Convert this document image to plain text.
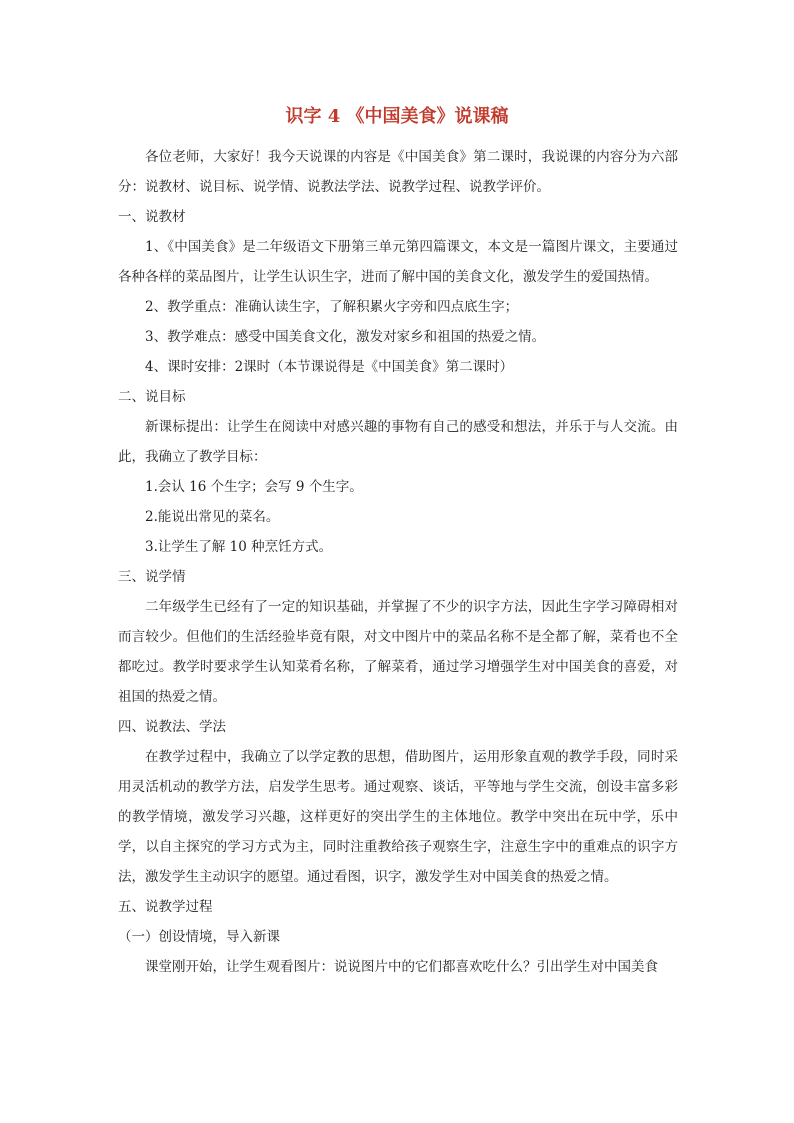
识字 4 《中国美食》说课稿

各位老师，大家好！我今天说课的内容是《中国美食》第二课时，我说课的内容分为六部分：说教材、说目标、说学情、说教法学法、说教学过程、说教学评价。

一、说教材

1、《中国美食》是二年级语文下册第三单元第四篇课文，本文是一篇图片课文，主要通过各种各样的菜品图片，让学生认识生字，进而了解中国的美食文化，激发学生的爱国热情。

2、教学重点：准确认读生字，了解积累火字旁和四点底生字；

3、教学难点：感受中国美食文化，激发对家乡和祖国的热爱之情。

4、课时安排：2课时（本节课说得是《中国美食》第二课时）

二、说目标

新课标提出：让学生在阅读中对感兴趣的事物有自己的感受和想法，并乐于与人交流。由此，我确立了教学目标：

1.会认 16 个生字；会写 9 个生字。

2.能说出常见的菜名。

3.让学生了解 10 种烹饪方式。

三、说学情

二年级学生已经有了一定的知识基础，并掌握了不少的识字方法，因此生字学习障碍相对而言较少。但他们的生活经验毕竟有限，对文中图片中的菜品名称不是全都了解，菜肴也不全都吃过。教学时要求学生认知菜肴名称，了解菜肴，通过学习增强学生对中国美食的喜爱，对祖国的热爱之情。

四、说教法、学法

在教学过程中，我确立了以学定教的思想，借助图片，运用形象直观的教学手段，同时采用灵活机动的教学方法，启发学生思考。通过观察、谈话，平等地与学生交流，创设丰富多彩的教学情境，激发学习兴趣，这样更好的突出学生的主体地位。教学中突出在玩中学，乐中学，以自主探究的学习方式为主，同时注重教给孩子观察生字，注意生字中的重难点的识字方法，激发学生主动识字的愿望。通过看图，识字，激发学生对中国美食的热爱之情。

五、说教学过程

（一）创设情境，导入新课

课堂刚开始，让学生观看图片：说说图片中的它们都喜欢吃什么？引出学生对中国美食
